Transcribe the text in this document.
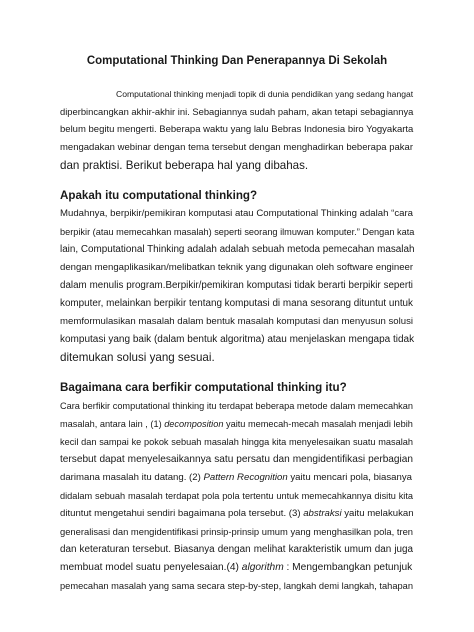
Computational Thinking Dan Penerapannya Di Sekolah
Computational thinking menjadi topik di dunia pendidikan yang sedang hangat
diperbincangkan akhir-akhir ini. Sebagiannya sudah paham, akan tetapi sebagiannya
belum begitu mengerti. Beberapa waktu yang lalu Bebras Indonesia biro Yogyakarta
mengadakan webinar dengan tema tersebut dengan menghadirkan beberapa pakar
dan praktisi. Berikut beberapa hal yang dibahas.
Apakah itu computational thinking?
Mudahnya, berpikir/pemikiran komputasi atau Computational Thinking adalah “cara
berpikir (atau memecahkan masalah) seperti seorang ilmuwan komputer.” Dengan kata
lain, Computational Thinking adalah adalah sebuah metoda pemecahan masalah
dengan mengaplikasikan/melibatkan teknik yang digunakan oleh software engineer
dalam menulis program.Berpikir/pemikiran komputasi tidak berarti berpikir seperti
komputer, melainkan berpikir tentang komputasi di mana sesorang dituntut untuk
memformulasikan masalah dalam bentuk masalah komputasi dan menyusun solusi
komputasi yang baik (dalam bentuk algoritma) atau menjelaskan mengapa tidak
ditemukan solusi yang sesuai.
Bagaimana cara berfikir computational thinking itu?
Cara berfikir computational thinking itu terdapat beberapa metode dalam memecahkan
masalah, antara lain , (1) decomposition yaitu memecah-mecah masalah menjadi lebih
kecil dan sampai ke pokok sebuah masalah hingga kita menyelesaikan suatu masalah
tersebut dapat menyelesaikannya satu persatu dan mengidentifikasi perbagian
darimana masalah itu datang. (2) Pattern Recognition yaitu mencari pola, biasanya
didalam sebuah masalah terdapat pola pola tertentu untuk memecahkannya disitu kita
dituntut mengetahui sendiri bagaimana pola tersebut. (3) abstraksi yaitu melakukan
generalisasi dan mengidentifikasi prinsip-prinsip umum yang menghasilkan pola, tren
dan keteraturan tersebut. Biasanya dengan melihat karakteristik umum dan juga
membuat model suatu penyelesaian.(4) algorithm : Mengembangkan petunjuk
pemecahan masalah yang sama secara step-by-step, langkah demi langkah, tahapan
